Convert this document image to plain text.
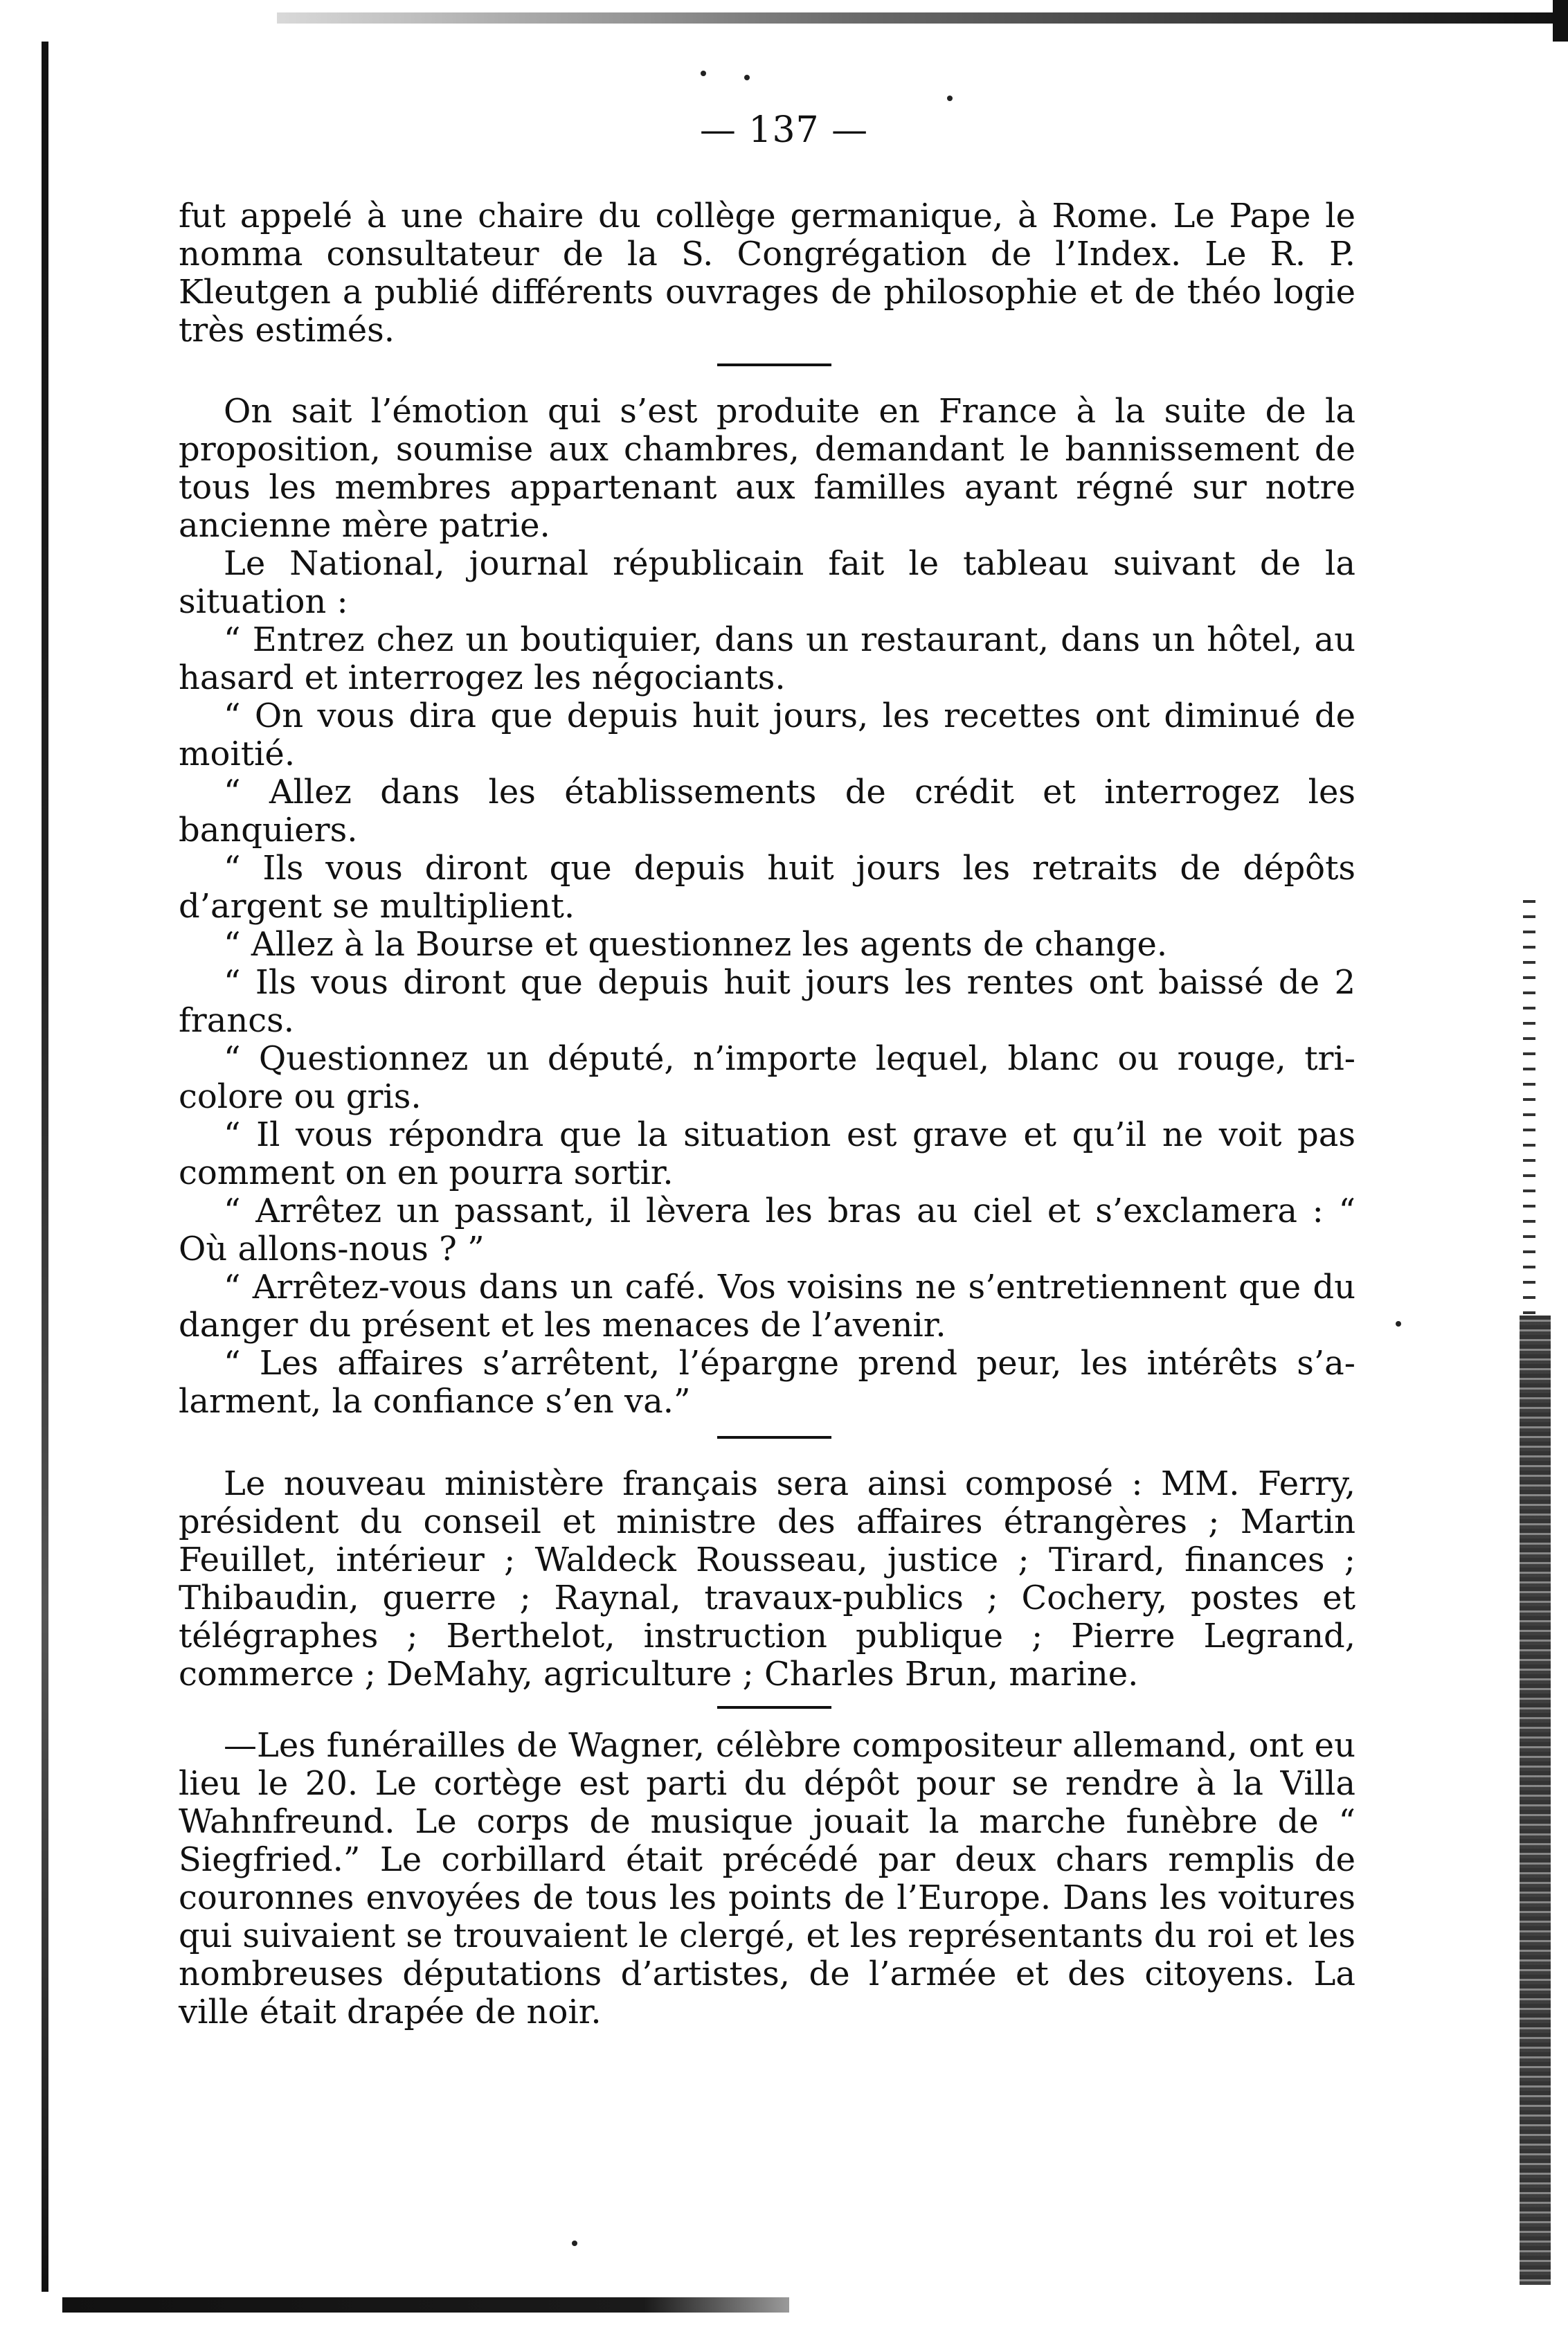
— 137 —

fut appelé à une chaire du collège germanique, à Rome. Le Pape le nomma consultateur de la S. Congrégation de l’Index. Le R. P. Kleutgen a publié différents ouvrages de philosophie et de théo logie très estimés.

On sait l’émotion qui s’est produite en France à la suite de la proposition, soumise aux chambres, demandant le bannissement de tous les membres appartenant aux familles ayant régné sur notre ancienne mère patrie.

Le National, journal républicain fait le tableau suivant de la situation :

“ Entrez chez un boutiquier, dans un restaurant, dans un hôtel, au hasard et interrogez les négociants.

“ On vous dira que depuis huit jours, les recettes ont diminué de moitié.

“ Allez dans les établissements de crédit et interrogez les banquiers.

“ Ils vous diront que depuis huit jours les retraits de dépôts d’argent se multiplient.

“ Allez à la Bourse et questionnez les agents de change.

“ Ils vous diront que depuis huit jours les rentes ont baissé de 2 francs.

“ Questionnez un député, n’importe lequel, blanc ou rouge, tri-colore ou gris.

“ Il vous répondra que la situation est grave et qu’il ne voit pas comment on en pourra sortir.

“ Arrêtez un passant, il lèvera les bras au ciel et s’exclamera : “ Où allons-nous ? ”

“ Arrêtez-vous dans un café. Vos voisins ne s’entretiennent que du danger du présent et les menaces de l’avenir.

“ Les affaires s’arrêtent, l’épargne prend peur, les intérêts s’a-larment, la confiance s’en va.”

Le nouveau ministère français sera ainsi composé : MM. Ferry, président du conseil et ministre des affaires étrangères ; Martin Feuillet, intérieur ; Waldeck Rousseau, justice ; Tirard, finances ; Thibaudin, guerre ; Raynal, travaux-publics ; Cochery, postes et télégraphes ; Berthelot, instruction publique ; Pierre Legrand, commerce ; DeMahy, agriculture ; Charles Brun, marine.

—Les funérailles de Wagner, célèbre compositeur allemand, ont eu lieu le 20. Le cortège est parti du dépôt pour se rendre à la Villa Wahnfreund. Le corps de musique jouait la marche funèbre de “ Siegfried.” Le corbillard était précédé par deux chars remplis de couronnes envoyées de tous les points de l’Europe. Dans les voitures qui suivaient se trouvaient le clergé, et les représentants du roi et les nombreuses députations d’artistes, de l’armée et des citoyens. La ville était drapée de noir.
